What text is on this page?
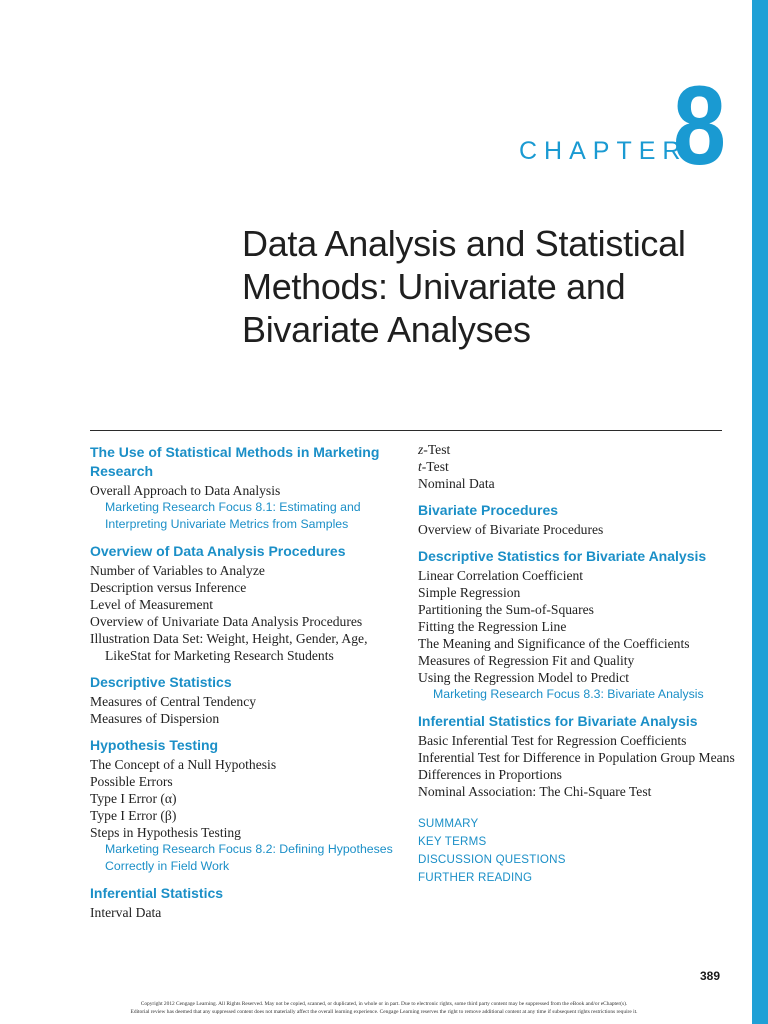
CHAPTER
8
Data Analysis and Statistical
Methods: Univariate and
Bivariate Analyses
The Use of Statistical Methods in Marketing
Research
Overall Approach to Data Analysis
Marketing Research Focus 8.1: Estimating and
Interpreting Univariate Metrics from Samples
Overview of Data Analysis Procedures
Number of Variables to Analyze
Description versus Inference
Level of Measurement
Overview of Univariate Data Analysis Procedures
Illustration Data Set: Weight, Height, Gender, Age, LikeStat for Marketing Research Students
Descriptive Statistics
Measures of Central Tendency
Measures of Dispersion
Hypothesis Testing
The Concept of a Null Hypothesis
Possible Errors
Type I Error (α)
Type I Error (β)
Steps in Hypothesis Testing
Marketing Research Focus 8.2: Defining Hypotheses
Correctly in Field Work
Inferential Statistics
Interval Data
z-Test
t-Test
Nominal Data
Bivariate Procedures
Overview of Bivariate Procedures
Descriptive Statistics for Bivariate Analysis
Linear Correlation Coefficient
Simple Regression
Partitioning the Sum-of-Squares
Fitting the Regression Line
The Meaning and Significance of the Coefficients
Measures of Regression Fit and Quality
Using the Regression Model to Predict
Marketing Research Focus 8.3: Bivariate Analysis
Inferential Statistics for Bivariate Analysis
Basic Inferential Test for Regression Coefficients
Inferential Test for Difference in Population Group Means
Differences in Proportions
Nominal Association: The Chi-Square Test
SUMMARY
KEY TERMS
DISCUSSION QUESTIONS
FURTHER READING
389
Copyright 2012 Cengage Learning. All Rights Reserved. May not be copied, scanned, or duplicated, in whole or in part. Due to electronic rights, some third party content may be suppressed from the eBook and/or eChapter(s).
Editorial review has deemed that any suppressed content does not materially affect the overall learning experience. Cengage Learning reserves the right to remove additional content at any time if subsequent rights restrictions require it.
